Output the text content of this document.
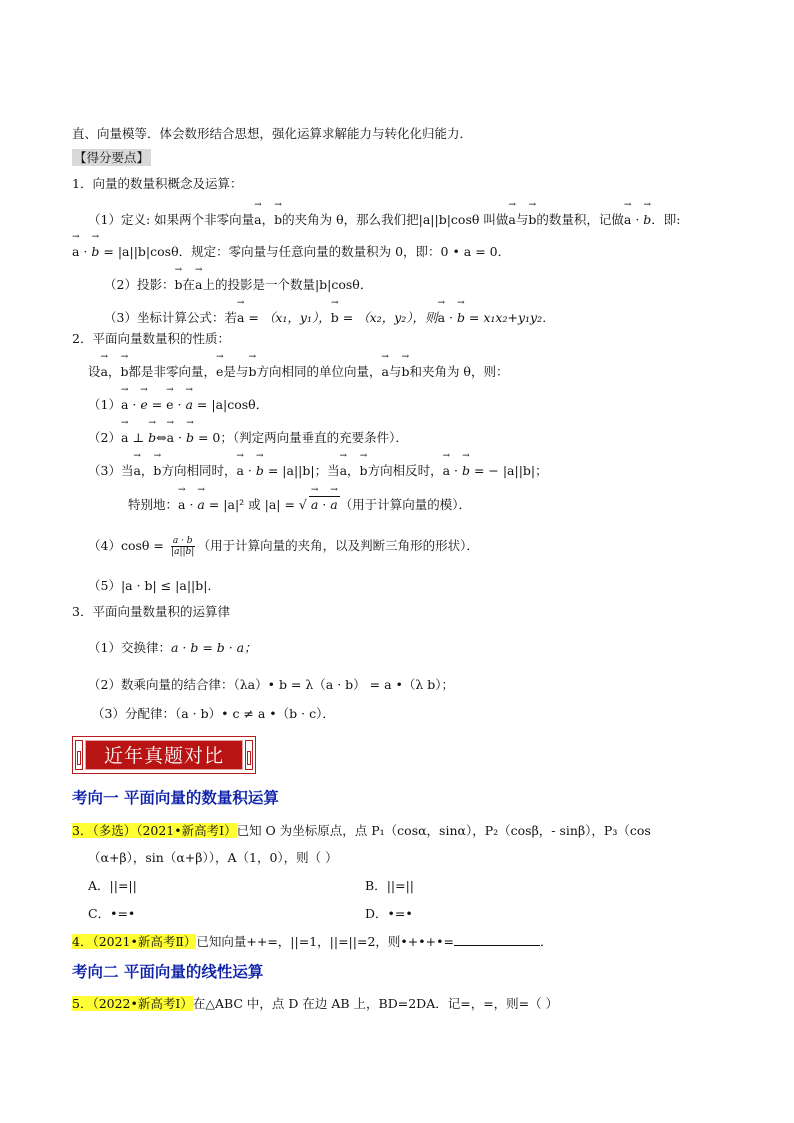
直、向量模等．体会数形结合思想，强化运算求解能力与转化化归能力．
【得分要点】
1．向量的数量积概念及运算：
（1）定义: 如果两个非零向量→ a，→ b的夹角为 θ，那么我们把|a||b|cosθ 叫做→ a与→ b的数量积，记做→ a · → b．即:
→ a · → b = |a||b|cosθ．规定：零向量与任意向量的数量积为 0，即：0 • a = 0．
（2）投影：→ b在→ a上的投影是一个数量|b|cosθ．
（3）坐标计算公式：若→ a = （x₁，y₁），→ b = （x₂，y₂），则→ a · → b = x₁x₂+y₁y₂．
2．平面向量数量积的性质：
设→ a，→ b都是非零向量，→ e是与→ b方向相同的单位向量，→ a与→ b和夹角为 θ，则：
（1）→ a · → e = → e · → a = |a|cosθ．
（2）→ a ⊥ → b⇔→ a · → b = 0；（判定两向量垂直的充要条件）．
（3）当→ a，→ b方向相同时，→ a · → b = |a||b|；当→ a，→ b方向相反时，→ a · → b = − |a||b|；
特别地：→ a · → a = |a|² 或 |a| = √ → a · → a （用于计算向量的模）．
$(4)\cos\theta = \frac{a \cdot b}{|a||b|}$ （用于计算向量的夹角，以及判断三角形的形状）．
（5）|a · b| ≤ |a||b|．
3．平面向量数量积的运算律
（1）交换律：a · b = b · a；
（2）数乘向量的结合律：（λa）• b = λ（a · b） = a •（λ b）；
（3）分配律：（a · b）• c ≠ a •（b · c）．
近年真题对比
考向一 平面向量的数量积运算
3．（多选）（2021•新高考Ⅰ）已知 O 为坐标原点，点 P₁（cosα，sinα），P₂（cosβ，- sinβ），P₃（cos
（α+β），sin（α+β）），A（1，0），则（ ）
A．||=||	B．||=||
C．•=•	D．•=•
4．（2021•新高考Ⅱ）已知向量++=，||=1，||=||=2，则•+•+•=	．
考向二 平面向量的线性运算
5．（2022•新高考Ⅰ）在△ABC 中，点 D 在边 AB 上，BD=2DA．记=，=，则=（ ）
